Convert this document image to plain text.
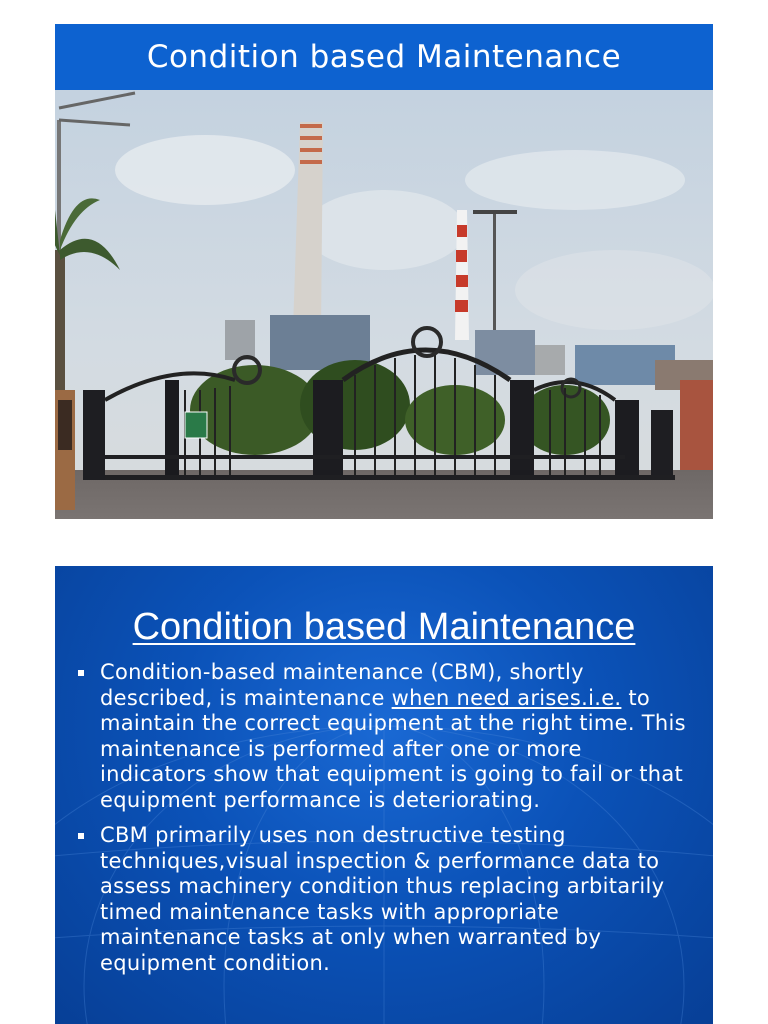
Condition based Maintenance
Condition based Maintenance
Condition-based maintenance (CBM), shortly described, is maintenance when need arises.i.e. to maintain the correct equipment at the right time. This maintenance is performed after one or more indicators show that equipment is going to fail or that equipment performance is deteriorating.
CBM primarily uses non destructive testing techniques,visual inspection & performance data to assess machinery condition thus replacing arbitarily timed maintenance tasks with appropriate maintenance tasks at only when warranted by equipment condition.
